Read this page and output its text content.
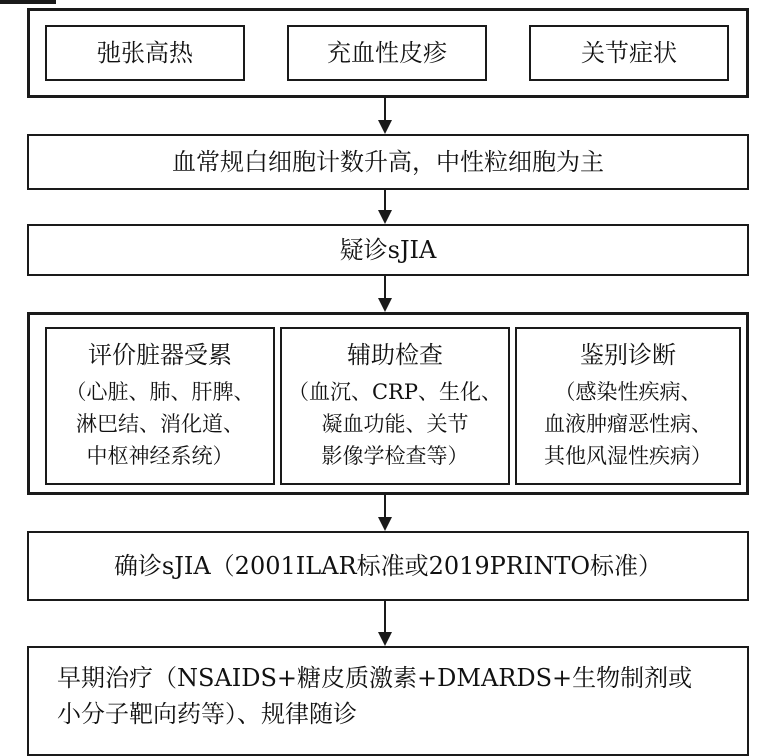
弛张高热	充血性皮疹	关节症状
血常规白细胞计数升高，中性粒细胞为主
疑诊sJIA
评价脏器受累
（心脏、肺、肝脾、
淋巴结、消化道、
中枢神经系统）
辅助检查
（血沉、CRP、生化、
凝血功能、关节
影像学检查等）
鉴别诊断
（感染性疾病、
血液肿瘤恶性病、
其他风湿性疾病）
确诊sJIA（2001ILAR标准或2019PRINTO标准）
早期治疗（NSAIDS+糖皮质激素+DMARDS+生物制剂或
小分子靶向药等）、规律随诊
